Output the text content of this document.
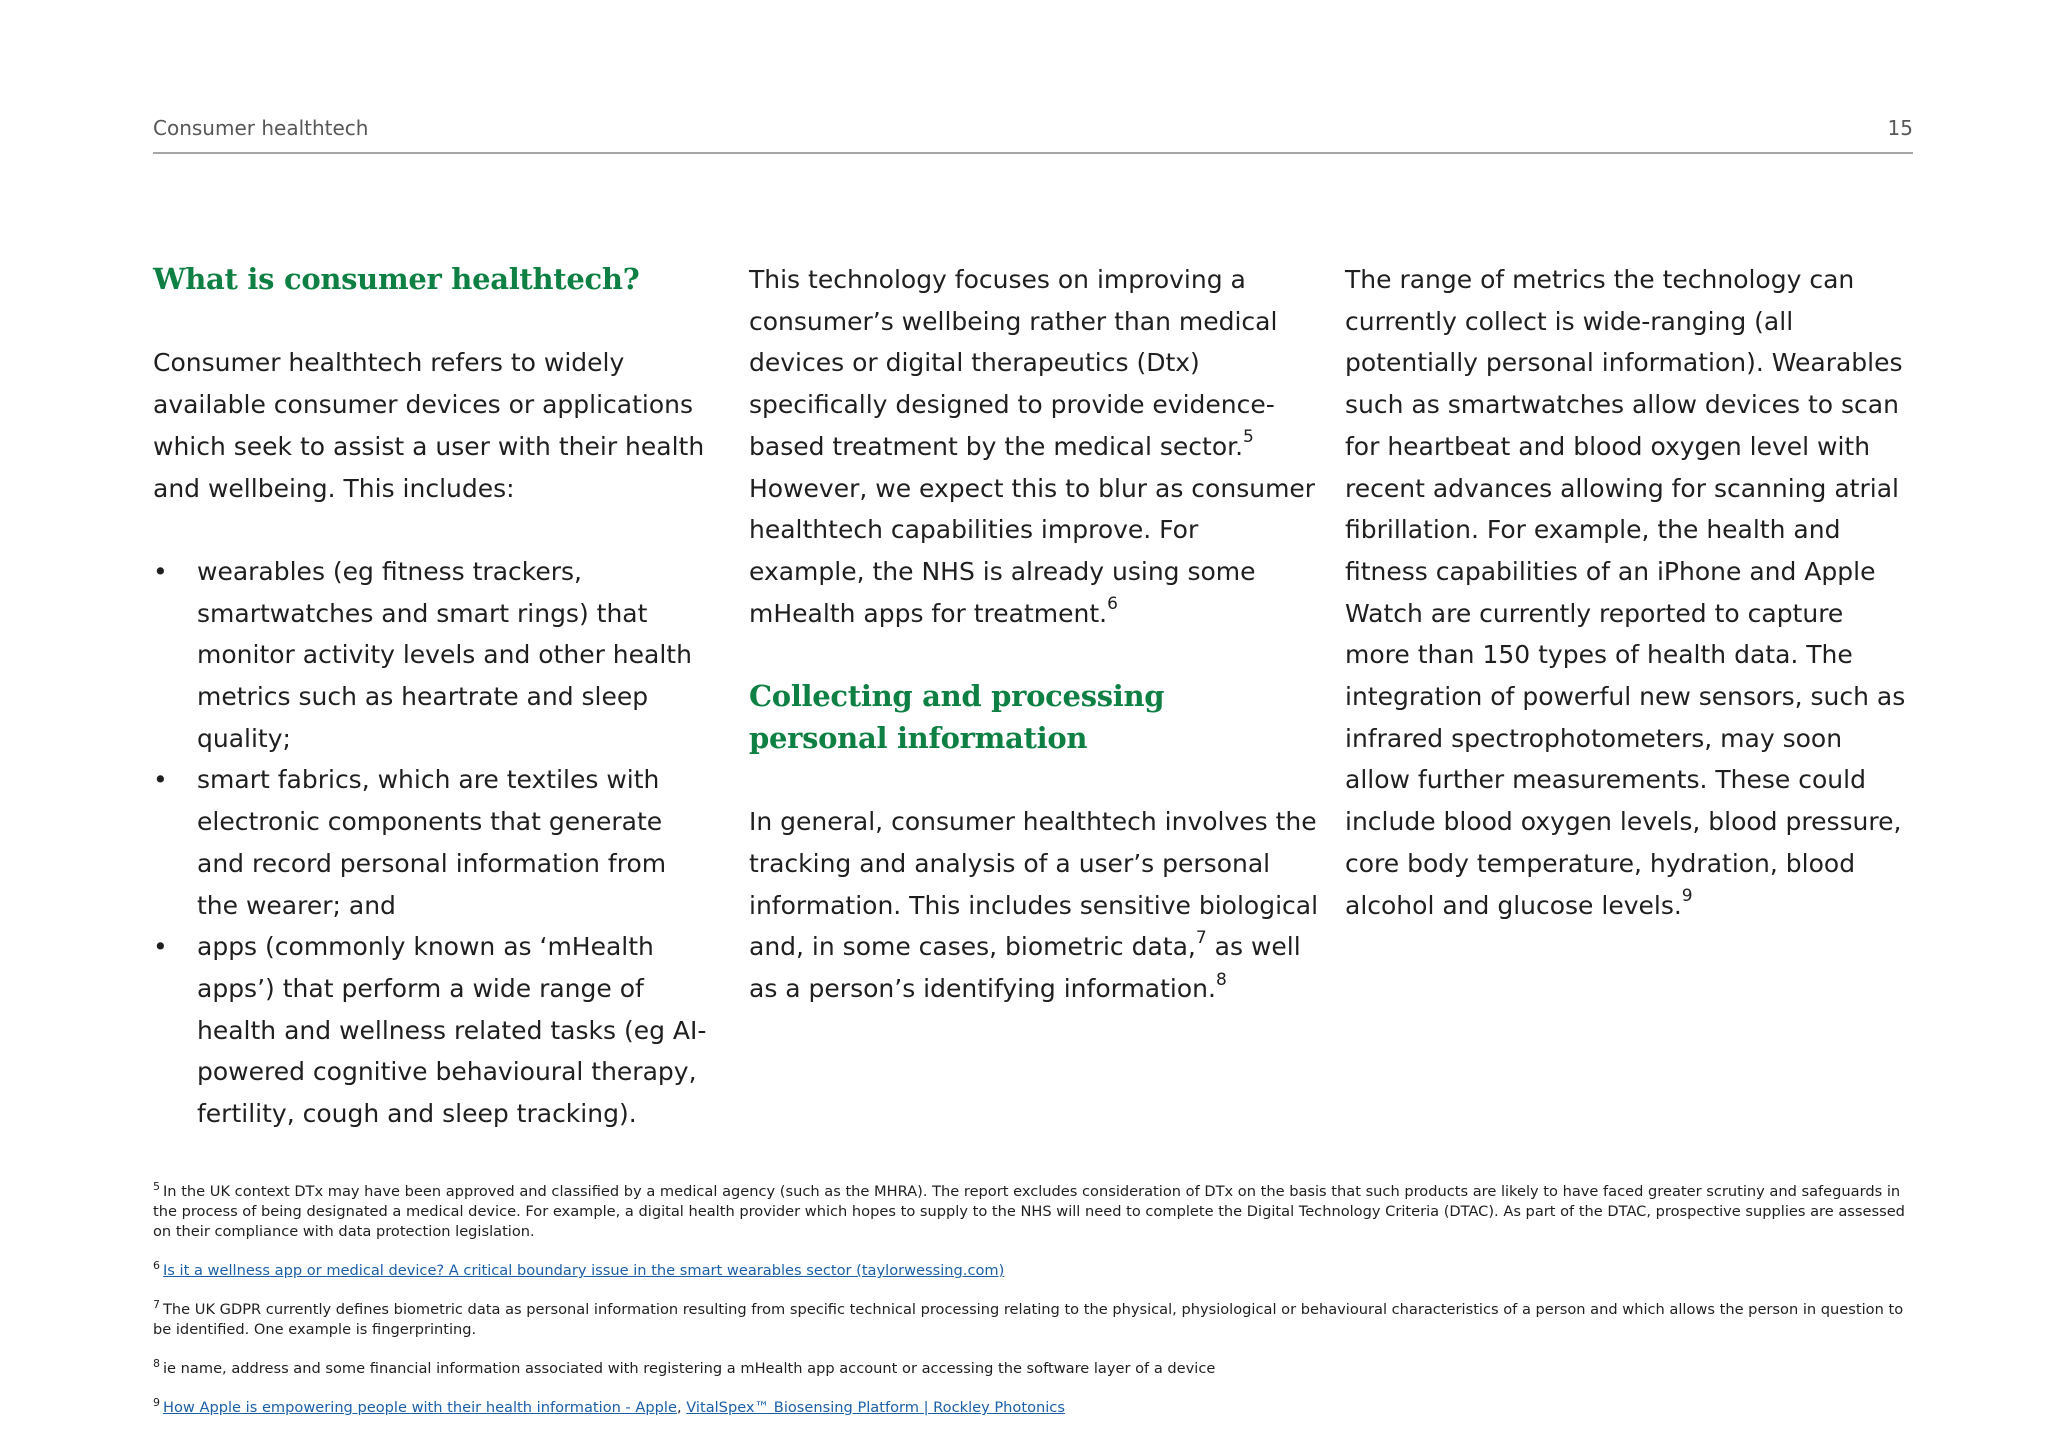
Consumer healthtech	15
What is consumer healthtech?

Consumer healthtech refers to widely available consumer devices or applications which seek to assist a user with their health and wellbeing. This includes:

• wearables (eg fitness trackers, smartwatches and smart rings) that monitor activity levels and other health metrics such as heartrate and sleep quality;
• smart fabrics, which are textiles with electronic components that generate and record personal information from the wearer; and
• apps (commonly known as ‘mHealth apps’) that perform a wide range of health and wellness related tasks (eg AI-powered cognitive behavioural therapy, fertility, cough and sleep tracking).

This technology focuses on improving a consumer’s wellbeing rather than medical devices or digital therapeutics (Dtx) specifically designed to provide evidence-based treatment by the medical sector.$^5$ However, we expect this to blur as consumer healthtech capabilities improve. For example, the NHS is already using some mHealth apps for treatment.$^6$

Collecting and processing personal information

In general, consumer healthtech involves the tracking and analysis of a user’s personal information. This includes sensitive biological and, in some cases, biometric data,$^7$ as well as a person’s identifying information.$^8$

The range of metrics the technology can currently collect is wide-ranging (all potentially personal information). Wearables such as smartwatches allow devices to scan for heartbeat and blood oxygen level with recent advances allowing for scanning atrial fibrillation. For example, the health and fitness capabilities of an iPhone and Apple Watch are currently reported to capture more than 150 types of health data. The integration of powerful new sensors, such as infrared spectrophotometers, may soon allow further measurements. These could include blood oxygen levels, blood pressure, core body temperature, hydration, blood alcohol and glucose levels.$^9$

$^5$ In the UK context DTx may have been approved and classified by a medical agency (such as the MHRA). The report excludes consideration of DTx on the basis that such products are likely to have faced greater scrutiny and safeguards in the process of being designated a medical device. For example, a digital health provider which hopes to supply to the NHS will need to complete the Digital Technology Criteria (DTAC). As part of the DTAC, prospective supplies are assessed on their compliance with data protection legislation.

$^6$ Is it a wellness app or medical device? A critical boundary issue in the smart wearables sector (taylorwessing.com)

$^7$ The UK GDPR currently defines biometric data as personal information resulting from specific technical processing relating to the physical, physiological or behavioural characteristics of a person and which allows the person in question to be identified. One example is fingerprinting.

$^8$ ie name, address and some financial information associated with registering a mHealth app account or accessing the software layer of a device

$^9$ How Apple is empowering people with their health information - Apple, VitalSpex™ Biosensing Platform | Rockley Photonics
